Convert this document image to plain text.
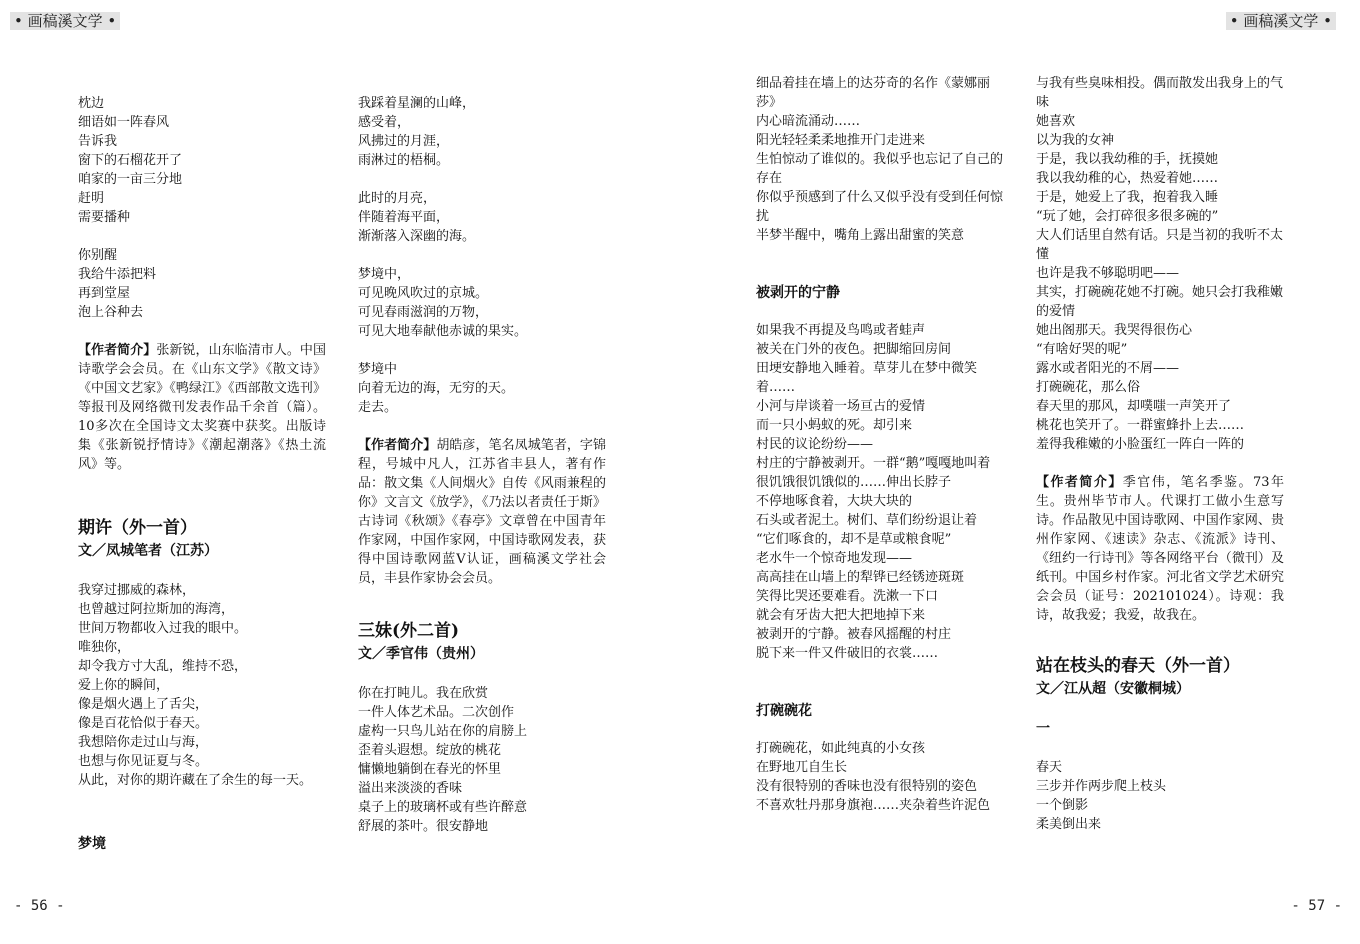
• 画稿溪文学 •	• 画稿溪文学 •
枕边
细语如一阵春风
告诉我
窗下的石榴花开了
咱家的一亩三分地
赶明
需要播种
你别醒
我给牛添把料
再到堂屋
泡上谷种去
【作者简介】张新锐，山东临清市人。中国诗歌学会会员。在《山东文学》《散文诗》《中国文艺家》《鸭绿江》《西部散文选刊》等报刊及网络微刊发表作品千余首（篇）。10多次在全国诗文太奖赛中获奖。出版诗集《张新锐抒情诗》《潮起潮落》《热土流风》等。
期许（外一首）
文／凤城笔者（江苏）
我穿过挪威的森林，
也曾越过阿拉斯加的海湾，
世间万物都收入过我的眼中。
唯独你，
却令我方寸大乱，维持不恐，
爱上你的瞬间，
像是烟火遇上了舌尖，
像是百花恰似于春天。
我想陪你走过山与海，
也想与你见证夏与冬。
从此，对你的期许藏在了余生的每一天。
梦境
我踩着星澜的山峰，
感受着，
风拂过的月涯，
雨淋过的梧桐。
此时的月亮，
伴随着海平面，
渐渐落入深幽的海。
梦境中，
可见晚风吹过的京城。
可见春雨滋润的万物，
可见大地奉献他赤诚的果实。
梦境中
向着无边的海，无穷的天。
走去。
【作者简介】胡皓彦，笔名凤城笔者，字锦程，号城中凡人，江苏省丰县人，著有作品：散文集《人间烟火》自传《风雨兼程的你》文言文《放学》，《乃法以者责任于斯》古诗词《秋颂》《春亭》文章曾在中国青年作家网，中国作家网，中国诗歌网发表，获得中国诗歌网蓝V认证，画稿溪文学社会员，丰县作家协会会员。
三妹(外二首)
文／季官伟（贵州）
你在打盹儿。我在欣赏
一件人体艺术品。二次创作
虚构一只鸟儿站在你的肩膀上
歪着头遐想。绽放的桃花
慵懒地躺倒在春光的怀里
溢出来淡淡的香味
桌子上的玻璃杯或有些许醉意
舒展的茶叶。很安静地
细品着挂在墙上的达芬奇的名作《蒙娜丽莎》
内心暗流涌动……
阳光轻轻柔柔地推开门走进来
生怕惊动了谁似的。我似乎也忘记了自己的存在
你似乎预感到了什么又似乎没有受到任何惊扰
半梦半醒中，嘴角上露出甜蜜的笑意
被剥开的宁静
如果我不再提及鸟鸣或者蛙声
被关在门外的夜色。把脚缩回房间
田埂安静地入睡着。草芽儿在梦中微笑着……
小河与岸谈着一场亘古的爱情
而一只小蚂蚁的死。却引来
村民的议论纷纷——
村庄的宁静被剥开。一群“鹅”嘎嘎地叫着
很饥饿很饥饿似的……伸出长脖子
不停地啄食着，大块大块的
石头或者泥土。树们、草们纷纷退让着
“它们啄食的，却不是草或粮食呢”
老水牛一个惊奇地发现——
高高挂在山墙上的犁铧已经锈迹斑斑
笑得比哭还要难看。洗漱一下口
就会有牙齿大把大把地掉下来
被剥开的宁静。被春风摇醒的村庄
脱下来一件又件破旧的衣裳……
打碗碗花
打碗碗花，如此纯真的小女孩
在野地兀自生长
没有很特别的香味也没有很特别的姿色
不喜欢牡丹那身旗袍……夹杂着些许泥色
与我有些臭味相投。偶而散发出我身上的气味
她喜欢
以为我的女神
于是，我以我幼稚的手，抚摸她
我以我幼稚的心，热爱着她……
于是，她爱上了我，抱着我入睡
“玩了她，会打碎很多很多碗的”
大人们话里自然有话。只是当初的我听不太懂
也许是我不够聪明吧——
其实，打碗碗花她不打碗。她只会打我稚嫩的爱情
她出阁那天。我哭得很伤心
“有啥好哭的呢”
露水或者阳光的不屑——
打碗碗花，那么俗
春天里的那风，却噗嗤一声笑开了
桃花也笑开了。一群蜜蜂扑上去……
羞得我稚嫩的小脸蛋红一阵白一阵的
【作者简介】季官伟，笔名季鉴。73年生。贵州毕节市人。代课打工做小生意写诗。作品散见中国诗歌网、中国作家网、贵州作家网、《速读》杂志、《流派》诗刊、《纽约一行诗刊》等各网络平台（微刊）及纸刊。中国乡村作家。河北省文学艺术研究会会员（证号：202101024）。诗观：我诗，故我爱；我爱，故我在。
站在枝头的春天（外一首）
文／江从超（安徽桐城）
一
春天
三步并作两步爬上枝头
一个倒影
柔美倒出来
- 56 -	- 57 -
